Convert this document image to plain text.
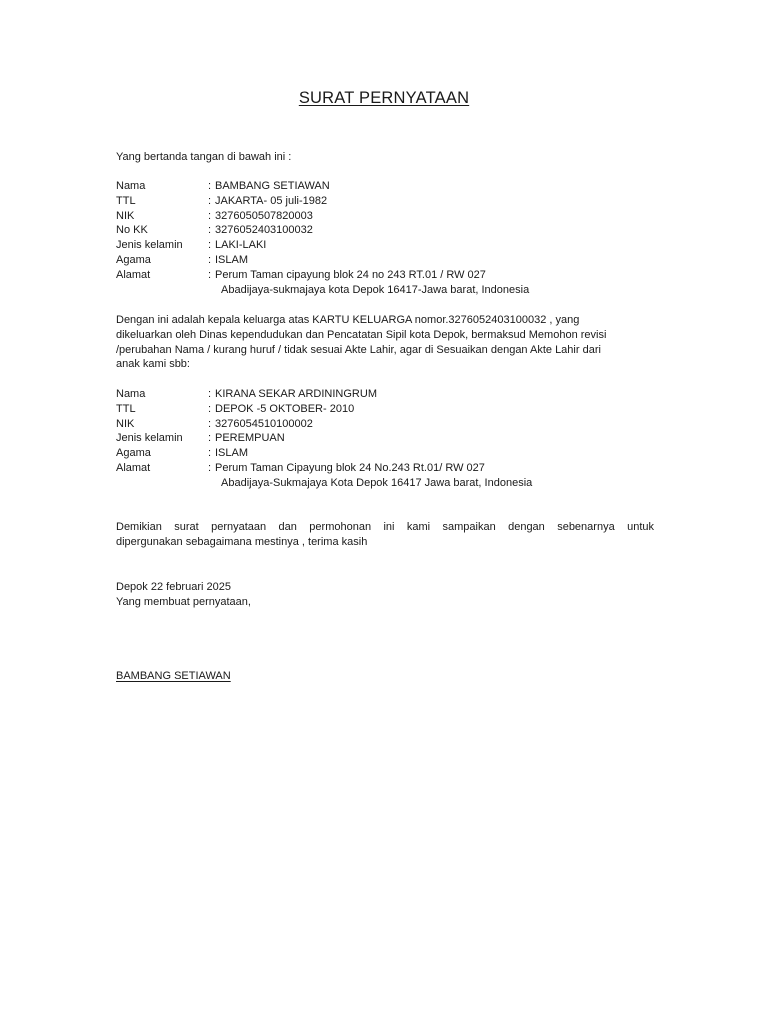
SURAT PERNYATAAN
Yang bertanda tangan di bawah ini :
Nama	: BAMBANG SETIAWAN
TTL	: JAKARTA- 05 juli-1982
NIK	: 3276050507820003
No KK	: 3276052403100032
Jenis kelamin	: LAKI-LAKI
Agama	: ISLAM
Alamat	: Perum Taman cipayung blok 24 no 243 RT.01 / RW 027
Abadijaya-sukmajaya kota Depok 16417-Jawa barat, Indonesia
Dengan ini adalah kepala keluarga atas KARTU KELUARGA nomor.3276052403100032 , yang
dikeluarkan oleh Dinas kependudukan dan Pencatatan Sipil kota Depok, bermaksud Memohon revisi
/perubahan Nama / kurang huruf / tidak sesuai Akte Lahir, agar di Sesuaikan dengan Akte Lahir dari
anak kami sbb:
Nama	: KIRANA SEKAR ARDININGRUM
TTL	: DEPOK -5 OKTOBER- 2010
NIK	: 3276054510100002
Jenis kelamin	: PEREMPUAN
Agama	: ISLAM
Alamat	: Perum Taman Cipayung blok 24 No.243 Rt.01/ RW 027
Abadijaya-Sukmajaya Kota Depok 16417 Jawa barat, Indonesia
Demikian surat pernyataan dan permohonan ini kami sampaikan dengan sebenarnya untuk
dipergunakan sebagaimana mestinya , terima kasih
Depok 22 februari 2025
Yang membuat pernyataan,
BAMBANG SETIAWAN
